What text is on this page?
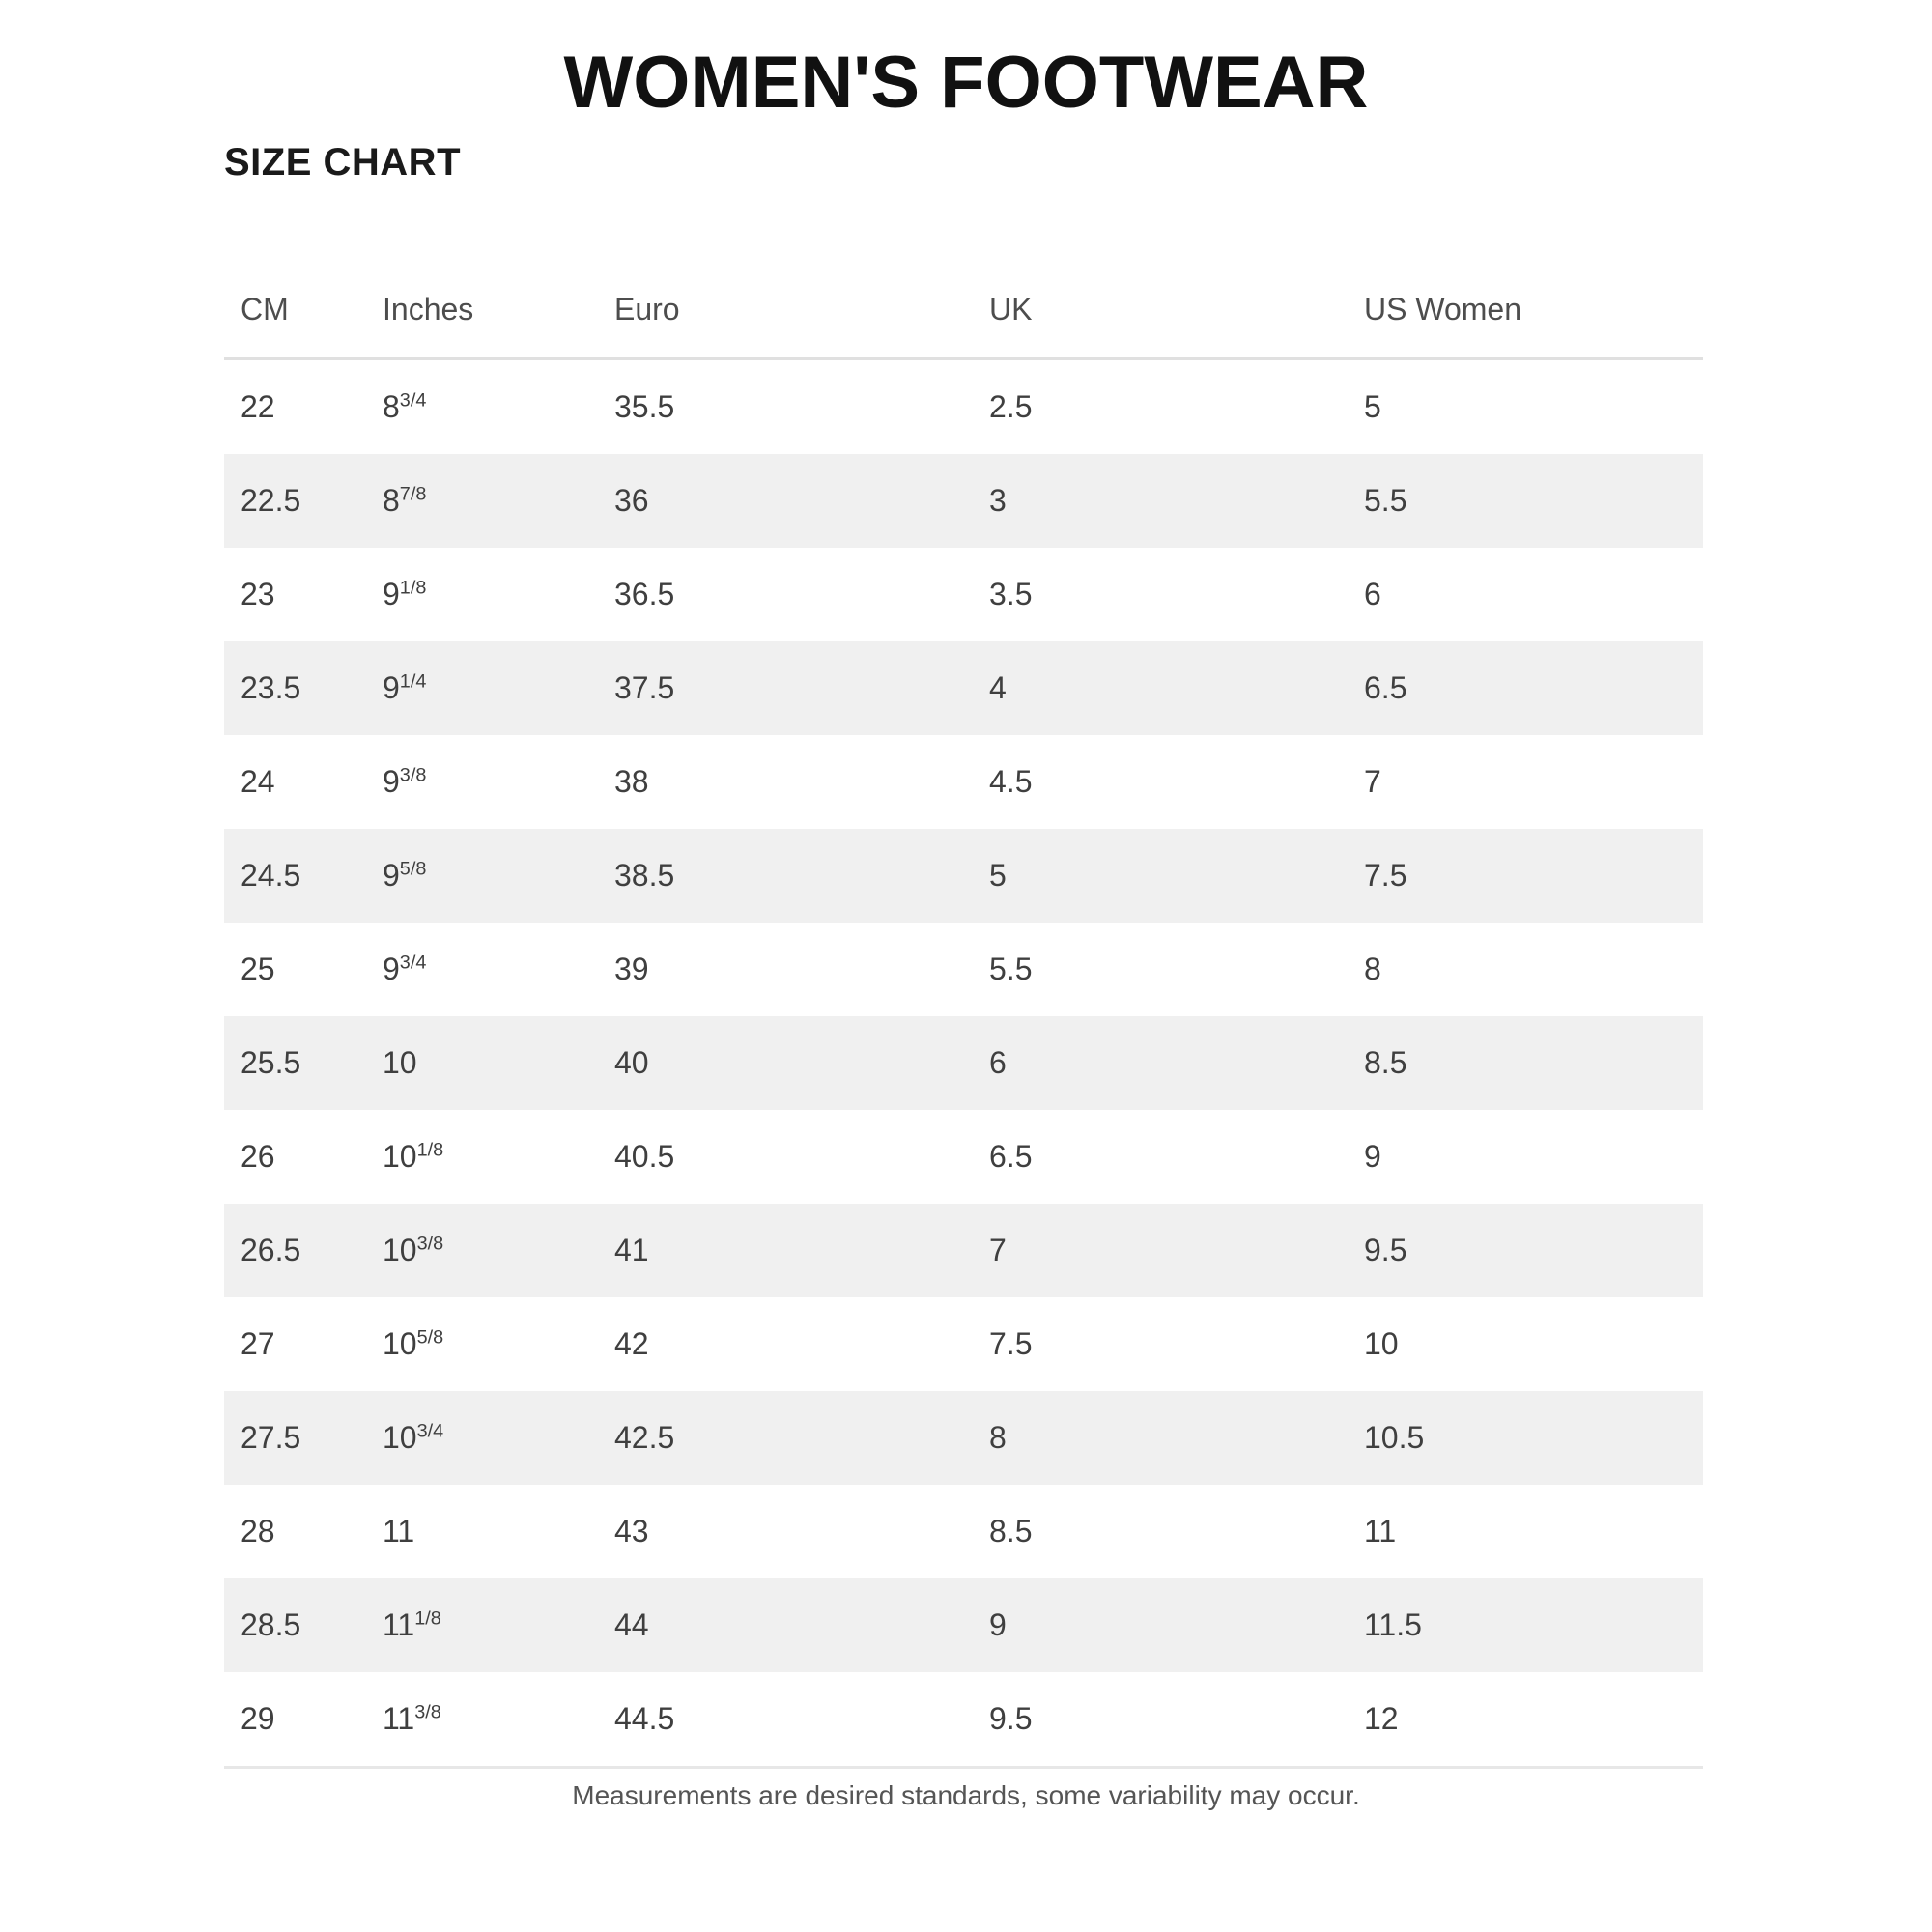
WOMEN'S FOOTWEAR
SIZE CHART
CM	Inches	Euro	UK	US Women
22	$8^{3/4}$	35.5	2.5	5
22.5	$8^{7/8}$	36	3	5.5
23	$9^{1/8}$	36.5	3.5	6
23.5	$9^{1/4}$	37.5	4	6.5
24	$9^{3/8}$	38	4.5	7
24.5	$9^{5/8}$	38.5	5	7.5
25	$9^{3/4}$	39	5.5	8
25.5	10	40	6	8.5
26	$10^{1/8}$	40.5	6.5	9
26.5	$10^{3/8}$	41	7	9.5
27	$10^{5/8}$	42	7.5	10
27.5	$10^{3/4}$	42.5	8	10.5
28	11	43	8.5	11
28.5	$11^{1/8}$	44	9	11.5
29	$11^{3/8}$	44.5	9.5	12
Measurements are desired standards, some variability may occur.
